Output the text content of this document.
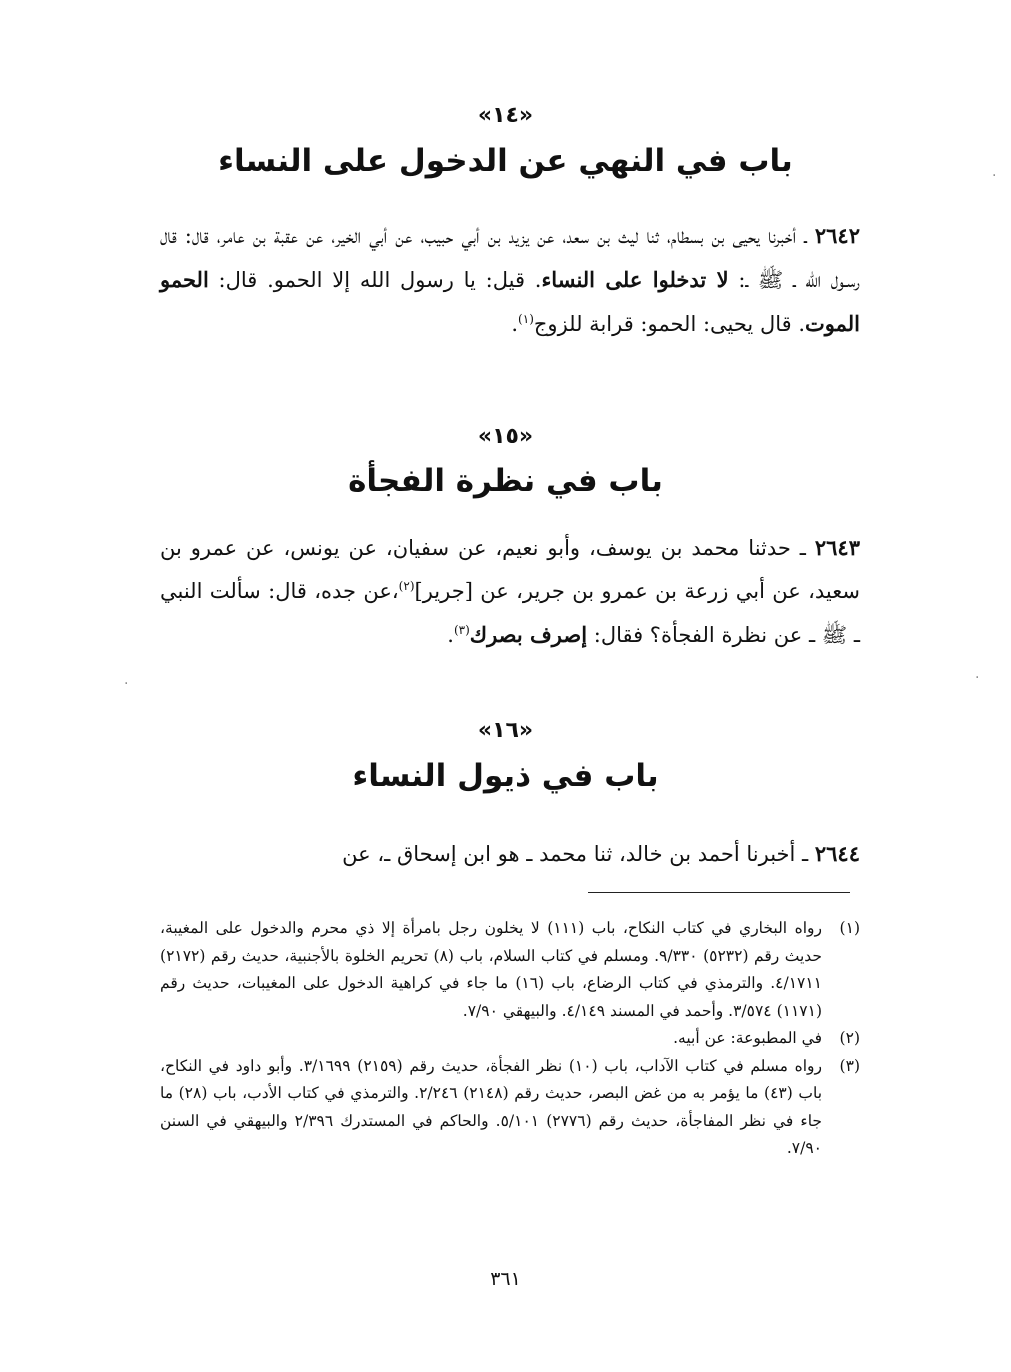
«١٤»
باب في النهي عن الدخول على النساء
٢٦٤٢ ـ أخبرنا يحيى بن بسطام، ثنا ليث بن سعد، عن يزيد بن أبي حبيب، عن أبي الخير، عن عقبة بن عامر، قال: قال رسـول الله ـ ﷺ ـ: لا تدخلوا على النساء. قيل: يا رسول الله إلا الحمو. قال: الحمو الموت. قال يحيى: الحمو: قرابة للزوج$^{(١)}$.
«١٥»
باب في نظرة الفجأة
٢٦٤٣ ـ حدثنا محمد بن يوسف، وأبو نعيم، عن سفيان، عن يونس، عن عمرو بن سعيد، عن أبي زرعة بن عمرو بن جرير، عن [جرير]$^{(٢)}$،عن جده، قال: سألت النبي ـ ﷺ ـ عن نظرة الفجأة؟ فقال: إصرف بصرك$^{(٣)}$.
«١٦»
باب في ذيول النساء
٢٦٤٤ ـ أخبرنا أحمد بن خالد، ثنا محمد ـ هو ابن إسحاق ـ، عن
(١)
رواه البخاري في كتاب النكاح، باب (١١١) لا يخلون رجل بامرأة إلا ذي محرم والدخول على المغيبة، حديث رقم (٥٢٣٢) ٩/٣٣٠. ومسلم في كتاب السلام، باب (٨) تحريم الخلوة بالأجنبية، حديث رقم (٢١٧٢) ٤/١٧١١. والترمذي في كتاب الرضاع، باب (١٦) ما جاء في كراهية الدخول على المغيبات، حديث رقم (١١٧١) ٣/٥٧٤. وأحمد في المسند ٤/١٤٩. والبيهقي ٧/٩٠.
(٢)
في المطبوعة: عن أبيه.
(٣)
رواه مسلم في كتاب الآداب، باب (١٠) نظر الفجأة، حديث رقم (٢١٥٩) ٣/١٦٩٩. وأبو داود في النكاح، باب (٤٣) ما يؤمر به من غض البصر، حديث رقم (٢١٤٨) ٢/٢٤٦. والترمذي في كتاب الأدب، باب (٢٨) ما جاء في نظر المفاجأة، حديث رقم (٢٧٧٦) ٥/١٠١. والحاكم في المستدرك ٢/٣٩٦ والبيهقي في السنن ٧/٩٠.
٣٦١
·
·
·
